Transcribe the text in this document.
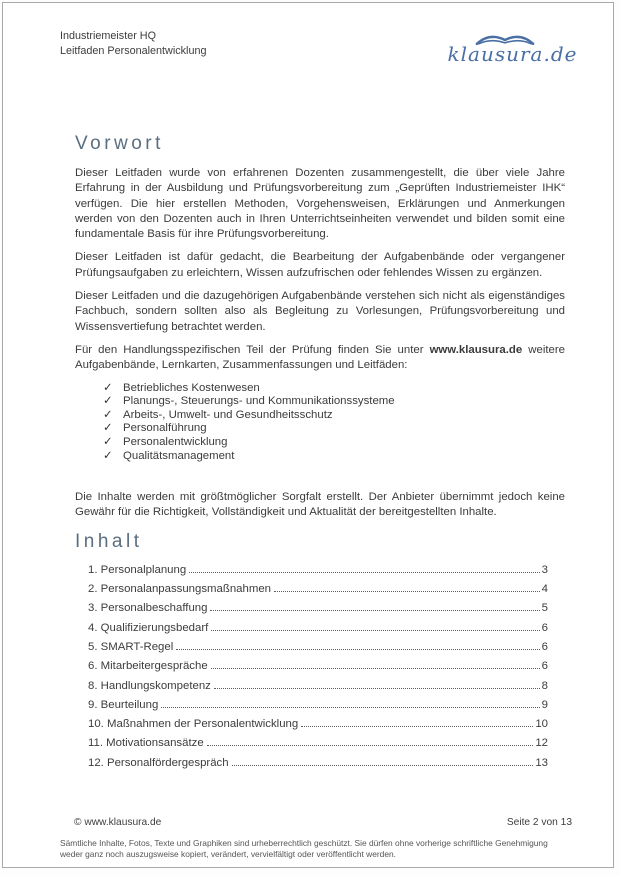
Industriemeister HQ
Leitfaden Personalentwicklung	klausura.de
Vorwort

Dieser Leitfaden wurde von erfahrenen Dozenten zusammengestellt, die über viele Jahre Erfahrung in der Ausbildung und Prüfungsvorbereitung zum „Geprüften Industriemeister IHK“ verfügen. Die hier erstellen Methoden, Vorgehensweisen, Erklärungen und Anmerkungen werden von den Dozenten auch in Ihren Unterrichtseinheiten verwendet und bilden somit eine fundamentale Basis für ihre Prüfungsvorbereitung.

Dieser Leitfaden ist dafür gedacht, die Bearbeitung der Aufgabenbände oder vergangener Prüfungsaufgaben zu erleichtern, Wissen aufzufrischen oder fehlendes Wissen zu ergänzen.

Dieser Leitfaden und die dazugehörigen Aufgabenbände verstehen sich nicht als eigenständiges Fachbuch, sondern sollten also als Begleitung zu Vorlesungen, Prüfungsvorbereitung und Wissensvertiefung betrachtet werden.

Für den Handlungsspezifischen Teil der Prüfung finden Sie unter www.klausura.de weitere Aufgabenbände, Lernkarten, Zusammenfassungen und Leitfäden:

✓ Betriebliches Kostenwesen
✓ Planungs-, Steuerungs- und Kommunikationssysteme
✓ Arbeits-, Umwelt- und Gesundheitsschutz
✓ Personalführung
✓ Personalentwicklung
✓ Qualitätsmanagement

Die Inhalte werden mit größtmöglicher Sorgfalt erstellt. Der Anbieter übernimmt jedoch keine Gewähr für die Richtigkeit, Vollständigkeit und Aktualität der bereitgestellten Inhalte.

Inhalt
1. Personalplanung	3
2. Personalanpassungsmaßnahmen	4
3. Personalbeschaffung	5
4. Qualifizierungsbedarf	6
5. SMART-Regel	6
6. Mitarbeitergespräche	6
8. Handlungskompetenz	8
9. Beurteilung	9
10. Maßnahmen der Personalentwicklung	10
11. Motivationsansätze	12
12. Personalfördergespräch	13
© www.klausura.de	Seite 2 von 13
Sämtliche Inhalte, Fotos, Texte und Graphiken sind urheberrechtlich geschützt. Sie dürfen ohne vorherige schriftliche Genehmigung weder ganz noch auszugsweise kopiert, verändert, vervielfältigt oder veröffentlicht werden.
